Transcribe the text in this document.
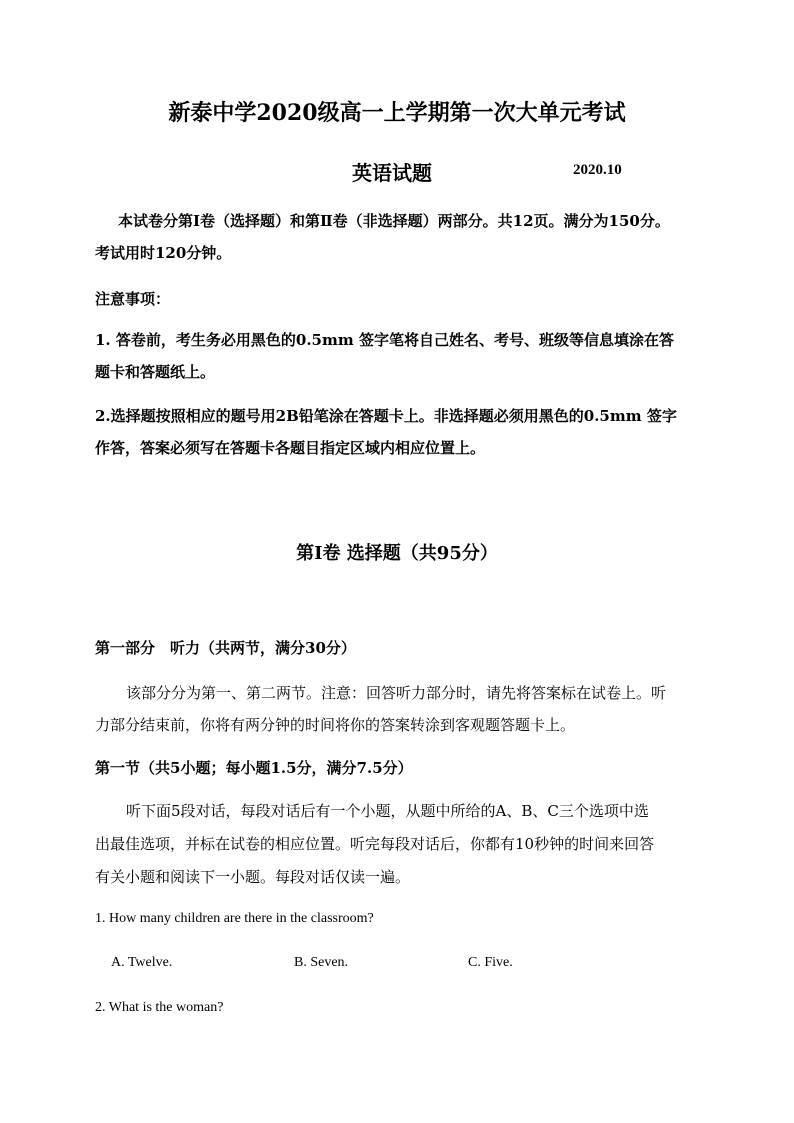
新泰中学2020级高一上学期第一次大单元考试
英语试题	2020.10
本试卷分第Ⅰ卷（选择题）和第Ⅱ卷（非选择题）两部分。共12页。满分为150分。
考试用时120分钟。
注意事项：
1. 答卷前，考生务必用黑色的0.5mm 签字笔将自己姓名、考号、班级等信息填涂在答
题卡和答题纸上。
2.选择题按照相应的题号用2B铅笔涂在答题卡上。非选择题必须用黑色的0.5mm 签字
作答，答案必须写在答题卡各题目指定区域内相应位置上。
第Ⅰ卷 选择题（共95分）
第一部分　听力（共两节，满分30分）
该部分分为第一、第二两节。注意：回答听力部分时，请先将答案标在试卷上。听
力部分结束前，你将有两分钟的时间将你的答案转涂到客观题答题卡上。
第一节（共5小题；每小题1.5分，满分7.5分）
听下面5段对话，每段对话后有一个小题，从题中所给的A、B、C三个选项中选
出最佳选项，并标在试卷的相应位置。听完每段对话后，你都有10秒钟的时间来回答
有关小题和阅读下一小题。每段对话仅读一遍。
1. How many children are there in the classroom?
A. Twelve.	B. Seven.	C. Five.
2. What is the woman?
